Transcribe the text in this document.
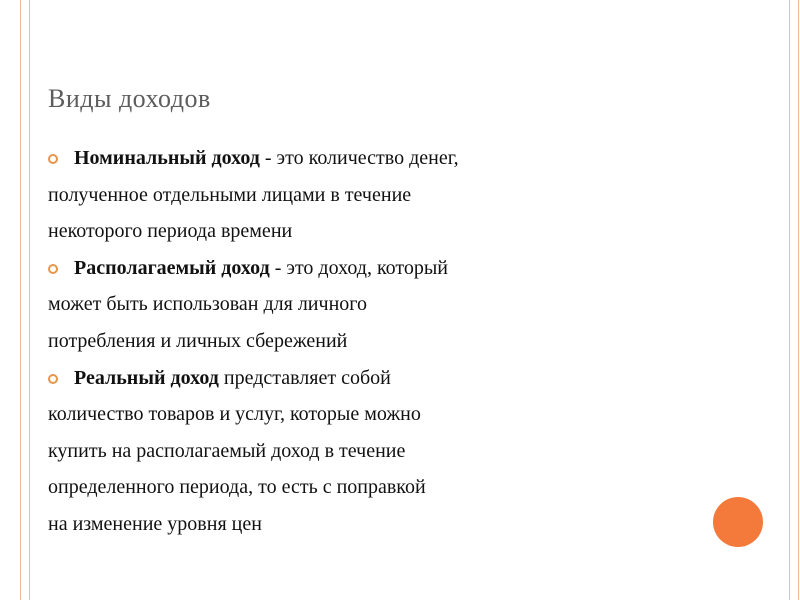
Виды доходов
Номинальный доход - это количество денег,
полученное отдельными лицами в течение
некоторого периода времени
Располагаемый доход - это доход, который
может быть использован для личного
потребления и личных сбережений
Реальный доход представляет собой
количество товаров и услуг, которые можно
купить на располагаемый доход в течение
определенного периода, то есть с поправкой
на изменение уровня цен
